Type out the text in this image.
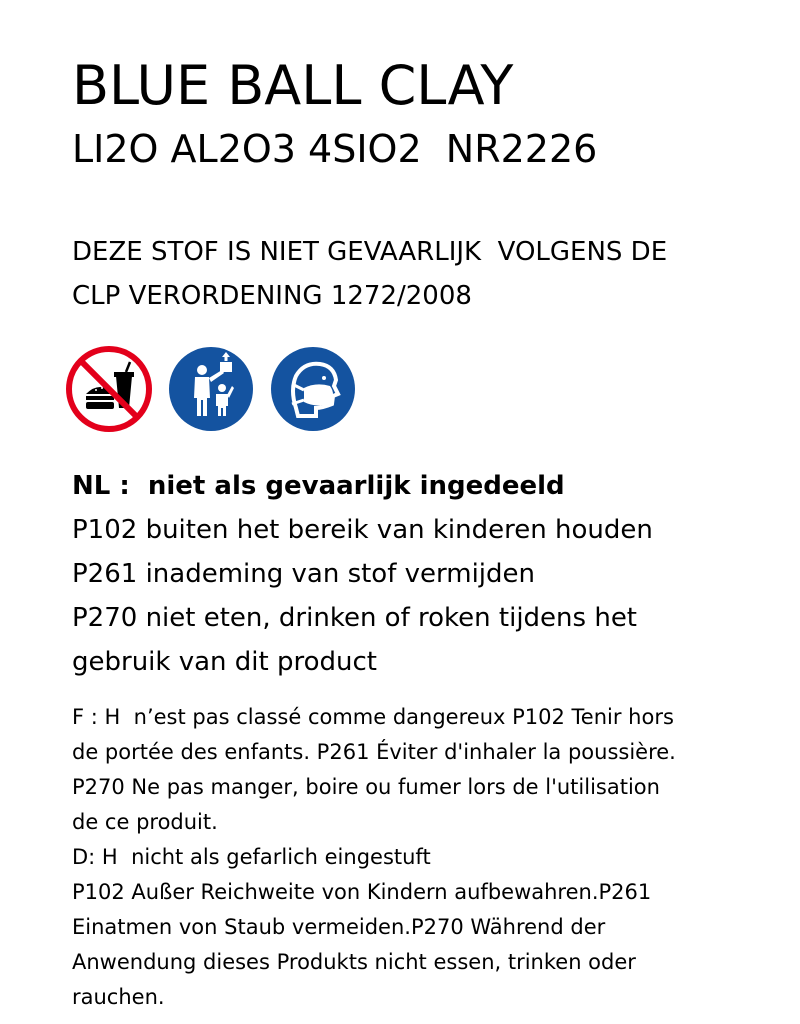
BLUE BALL CLAY
LI2O AL2O3 4SIO2  NR2226
DEZE STOF IS NIET GEVAARLIJK  VOLGENS DE
CLP VERORDENING 1272/2008
NL :  niet als gevaarlijk ingedeeld
P102 buiten het bereik van kinderen houden
P261 inademing van stof vermijden
P270 niet eten, drinken of roken tijdens het
gebruik van dit product
F : H  n’est pas classé comme dangereux P102 Tenir hors
de portée des enfants. P261 Éviter d'inhaler la poussière.
P270 Ne pas manger, boire ou fumer lors de l'utilisation
de ce produit.
D: H  nicht als gefarlich eingestuft
P102 Außer Reichweite von Kindern aufbewahren.P261
Einatmen von Staub vermeiden.P270 Während der
Anwendung dieses Produkts nicht essen, trinken oder
rauchen.
